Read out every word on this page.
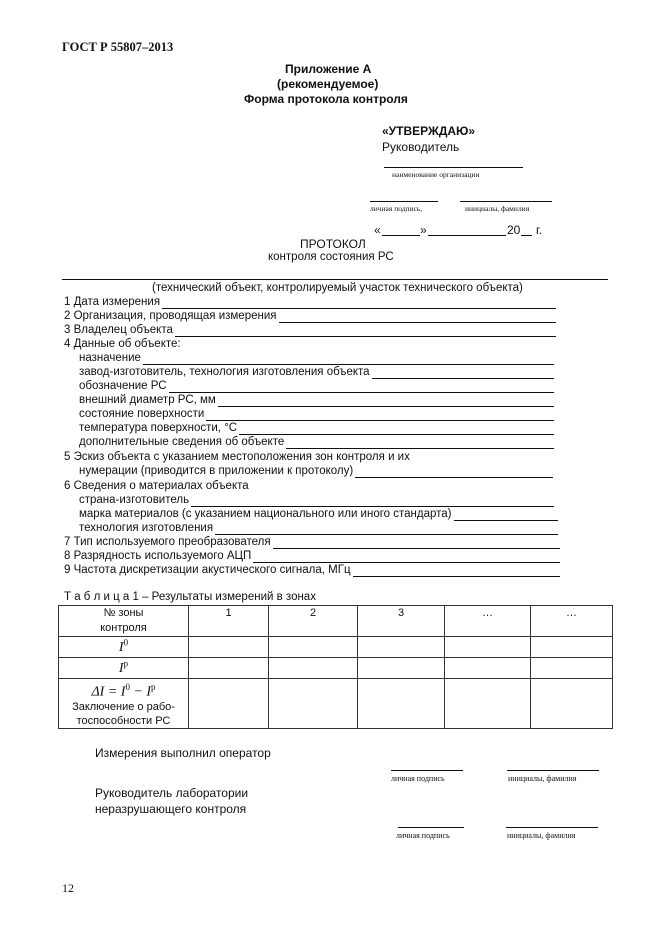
ГОСТ Р 55807–2013
Приложение А
(рекомендуемое)
Форма протокола контроля
«УТВЕРЖДАЮ»
Руководитель
наименование организации
личная подпись,	инициалы, фамилия
«	»	20 г.
ПРОТОКОЛ
контроля состояния РС
(технический объект, контролируемый участок технического объекта)
1 Дата измерения
2 Организация, проводящая измерения
3 Владелец объекта
4 Данные об объекте:
назначение
завод-изготовитель, технология изготовления объекта
обозначение РС
внешний диаметр РС, мм
состояние поверхности
температура поверхности, °С
дополнительные сведения об объекте
5 Эскиз объекта с указанием местоположения зон контроля и их
нумерации (приводится в приложении к протоколу)
6 Сведения о материалах объекта
страна-изготовитель
марка материалов (с указанием национального или иного стандарта)
технология изготовления
7 Тип используемого преобразователя
8 Разрядность используемого АЦП
9 Частота дискретизации акустического сигнала, МГц
Т а б л и ц а 1 – Результаты измерений в зонах
№ зоны
контроля	1	2	3	…	…
$I^0$					
$I^р$					

$\Delta I = I^0 - I^р$
Заключение о рабо-
тоспособности РС					

Измерения выполнил оператор
личная подпись	инициалы, фамилия
Руководитель лаборатории
неразрушающего контроля
личная подпись	инициалы, фамилия
12
